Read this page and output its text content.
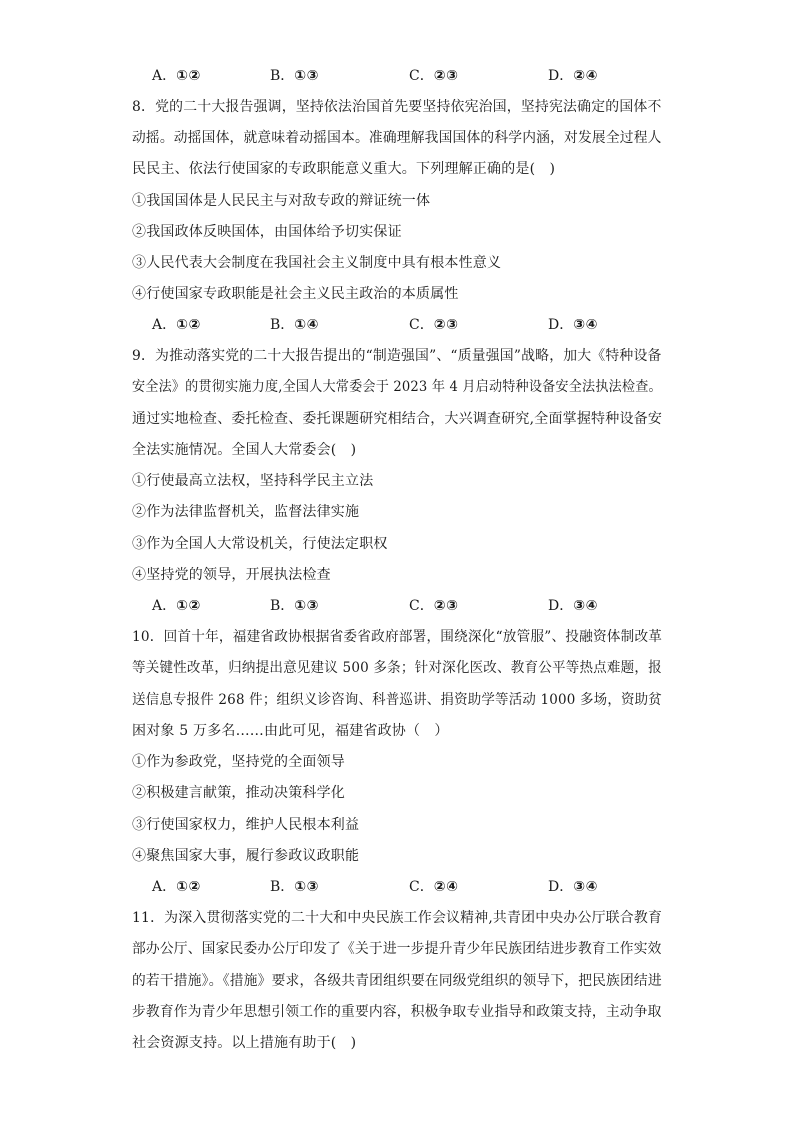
A．①②	B．①③	C．②③	D．②④
8．党的二十大报告强调，坚持依法治国首先要坚持依宪治国，坚持宪法确定的国体不
动摇。动摇国体，就意味着动摇国本。准确理解我国国体的科学内涵，对发展全过程人
民民主、依法行使国家的专政职能意义重大。下列理解正确的是(　)
①我国国体是人民民主与对敌专政的辩证统一体
②我国政体反映国体，由国体给予切实保证
③人民代表大会制度在我国社会主义制度中具有根本性意义
④行使国家专政职能是社会主义民主政治的本质属性
A．①②	B．①④	C．②③	D．③④
9．为推动落实党的二十大报告提出的“制造强国”、“质量强国”战略，加大《特种设备
安全法》的贯彻实施力度,全国人大常委会于 2023 年 4 月启动特种设备安全法执法检查。
通过实地检查、委托检查、委托课题研究相结合，大兴调查研究,全面掌握特种设备安
全法实施情况。全国人大常委会(　)
①行使最高立法权，坚持科学民主立法
②作为法律监督机关，监督法律实施
③作为全国人大常设机关，行使法定职权
④坚持党的领导，开展执法检查
A．①②	B．①③	C．②③	D．③④
10．回首十年，福建省政协根据省委省政府部署，围绕深化“放管服”、投融资体制改革
等关键性改革，归纳提出意见建议 500 多条；针对深化医改、教育公平等热点难题，报
送信息专报件 268 件；组织义诊咨询、科普巡讲、捐资助学等活动 1000 多场，资助贫
困对象 5 万多名……由此可见，福建省政协（　）
①作为参政党，坚持党的全面领导
②积极建言献策，推动决策科学化
③行使国家权力，维护人民根本利益
④聚焦国家大事，履行参政议政职能
A．①②	B．①③	C．②④	D．③④
11．为深入贯彻落实党的二十大和中央民族工作会议精神,共青团中央办公厅联合教育
部办公厅、国家民委办公厅印发了《关于进一步提升青少年民族团结进步教育工作实效
的若干措施》。《措施》要求，各级共青团组织要在同级党组织的领导下，把民族团结进
步教育作为青少年思想引领工作的重要内容，积极争取专业指导和政策支持，主动争取
社会资源支持。以上措施有助于(　)
